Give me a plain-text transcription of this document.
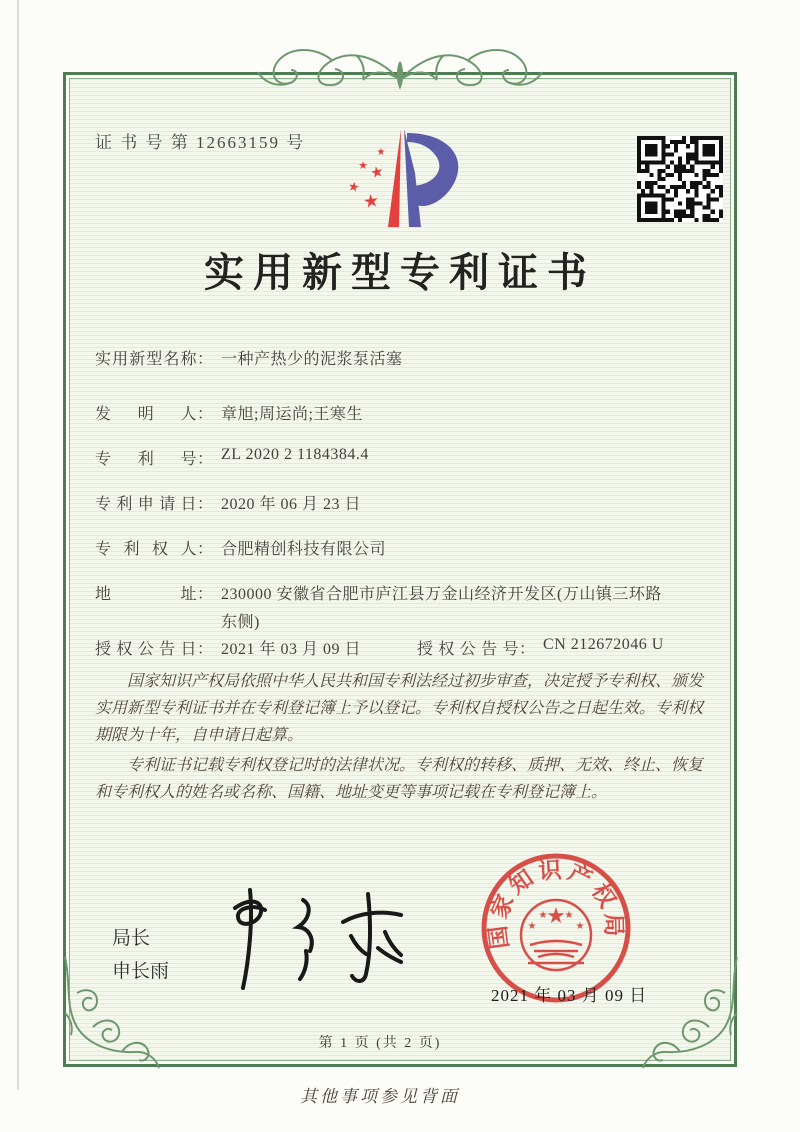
证 书 号 第 12663159 号
★
★ ★
★
★
实用新型专利证书
实用新型名称 ： 一种产热少的泥浆泵活塞
发明人 ： 章旭;周运尚;王寒生
专利号 ： ZL 2020 2 1184384.4
专利申请日 ： 2020 年 06 月 23 日
专利权人 ： 合肥精创科技有限公司
地址 ： 230000 安徽省合肥市庐江县万金山经济开发区(万山镇三环路东侧)
授权公告日 ： 2021 年 03 月 09 日	授权公告号 ： CN 212672046 U

国家知识产权局依照中华人民共和国专利法经过初步审查，决定授予专利权、颁发实用新型专利证书并在专利登记簿上予以登记。专利权自授权公告之日起生效。专利权期限为十年，自申请日起算。

专利证书记载专利权登记时的法律状况。专利权的转移、质押、无效、终止、恢复和专利权人的姓名或名称、国籍、地址变更等事项记载在专利登记簿上。

局长
申长雨
国家知识产权局
★
★
★ ★
★
2021 年 03 月 09 日
第 1 页 (共 2 页)
其他事项参见背面
